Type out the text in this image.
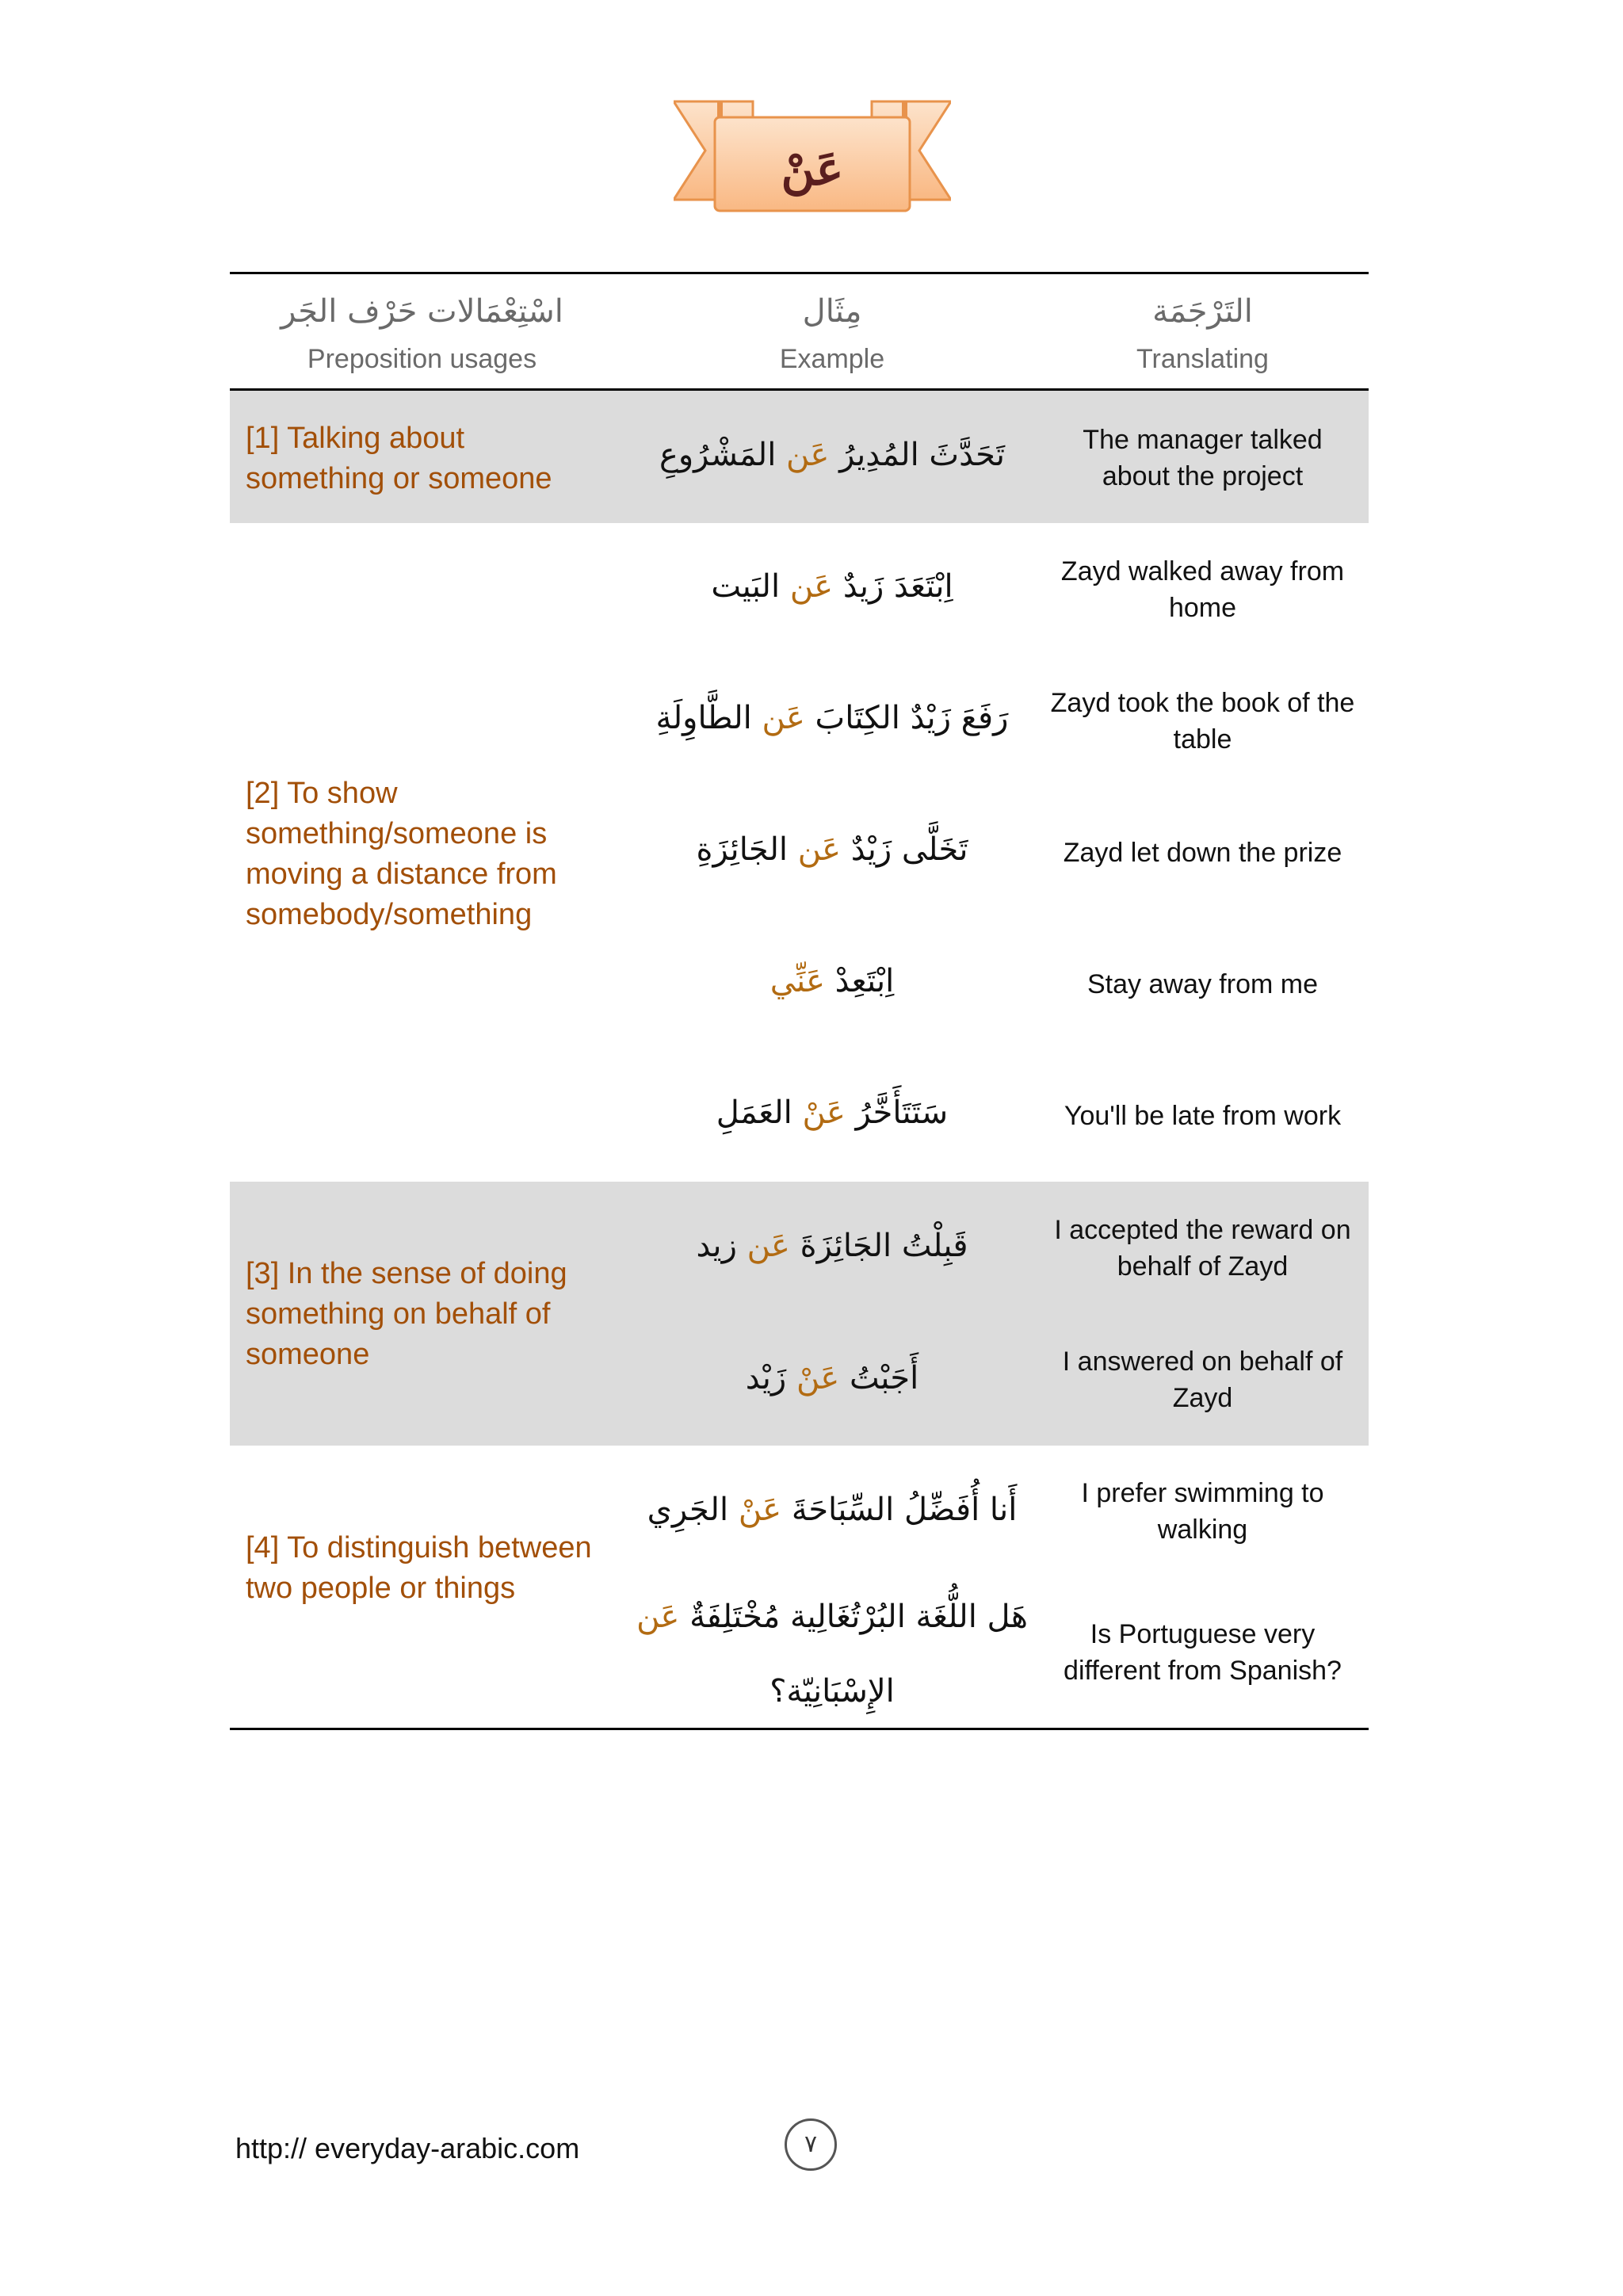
عَنْ
اسْتِعْمَالات حَرْف الجَر
Preposition usages
مِثَال
Example
التَرْجَمَة
Translating
[1] Talking about something or someone
[2] To show something/someone is moving a distance from somebody/something
[3] In the sense of doing something on behalf of someone
[4] To distinguish between two people or things
تَحَدَّثَ المُدِيرُ عَن المَشْرُوعِ
اِبْتَعَدَ زَيدٌ عَن البَيت
رَفَعَ زَيْدٌ الكِتَابَ عَن الطَّاوِلَةِ
تَخَلَّى زَيْدٌ عَن الجَائِزَةِ
اِبْتَعِدْ عَنِّي
سَتَتَأَخَّرُ عَنْ العَمَلِ
قَبِلْتُ الجَائِزَةَ عَن زيد
أَجَبْتُ عَنْ زَيْد
أَنا أُفَضِّلُ السِّبَاحَةَ عَنْ الجَرِي
هَل اللُّغَة البُرْتُغَالِية مُخْتَلِفَةٌ عَن الإِسْبَانِيّة؟
The manager talked about the project
Zayd walked away from home
Zayd took the book of the table
Zayd let down the prize
Stay away from me
You'll be late from work
I accepted the reward on behalf of Zayd
I answered on behalf of Zayd
I prefer swimming to walking
Is Portuguese very different from Spanish?
http:// everyday-arabic.com	٧
